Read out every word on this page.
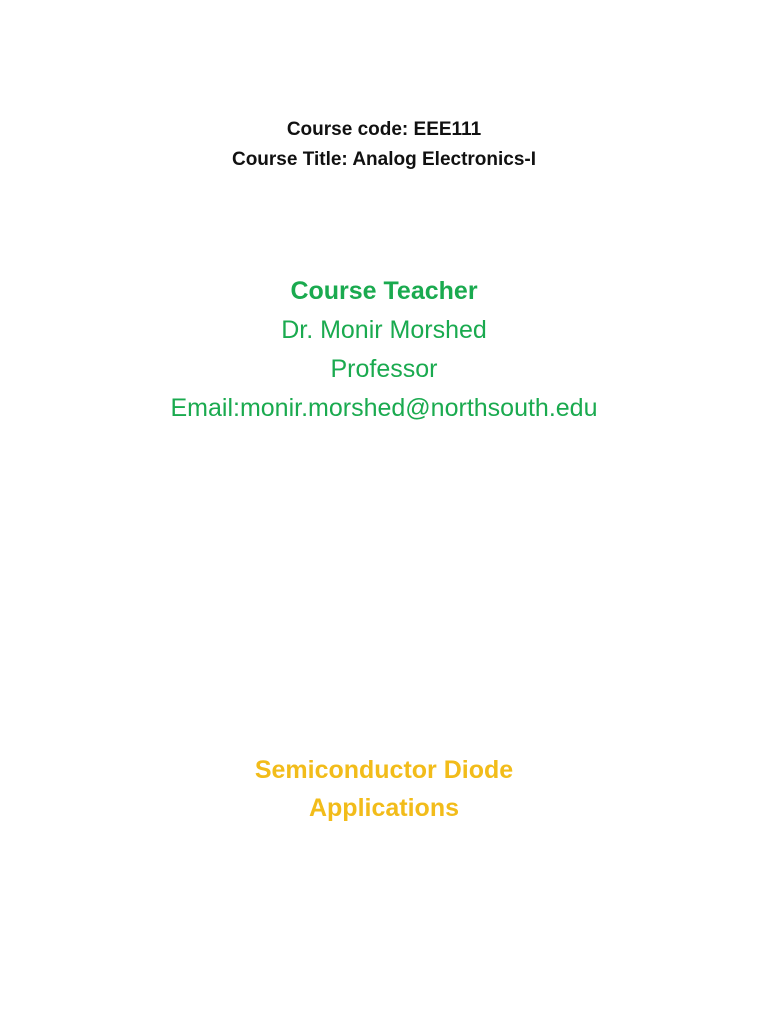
Course code: EEE111
Course Title: Analog Electronics-I
Course Teacher
Dr. Monir Morshed
Professor
Email:monir.morshed@northsouth.edu
Semiconductor Diode
Applications
